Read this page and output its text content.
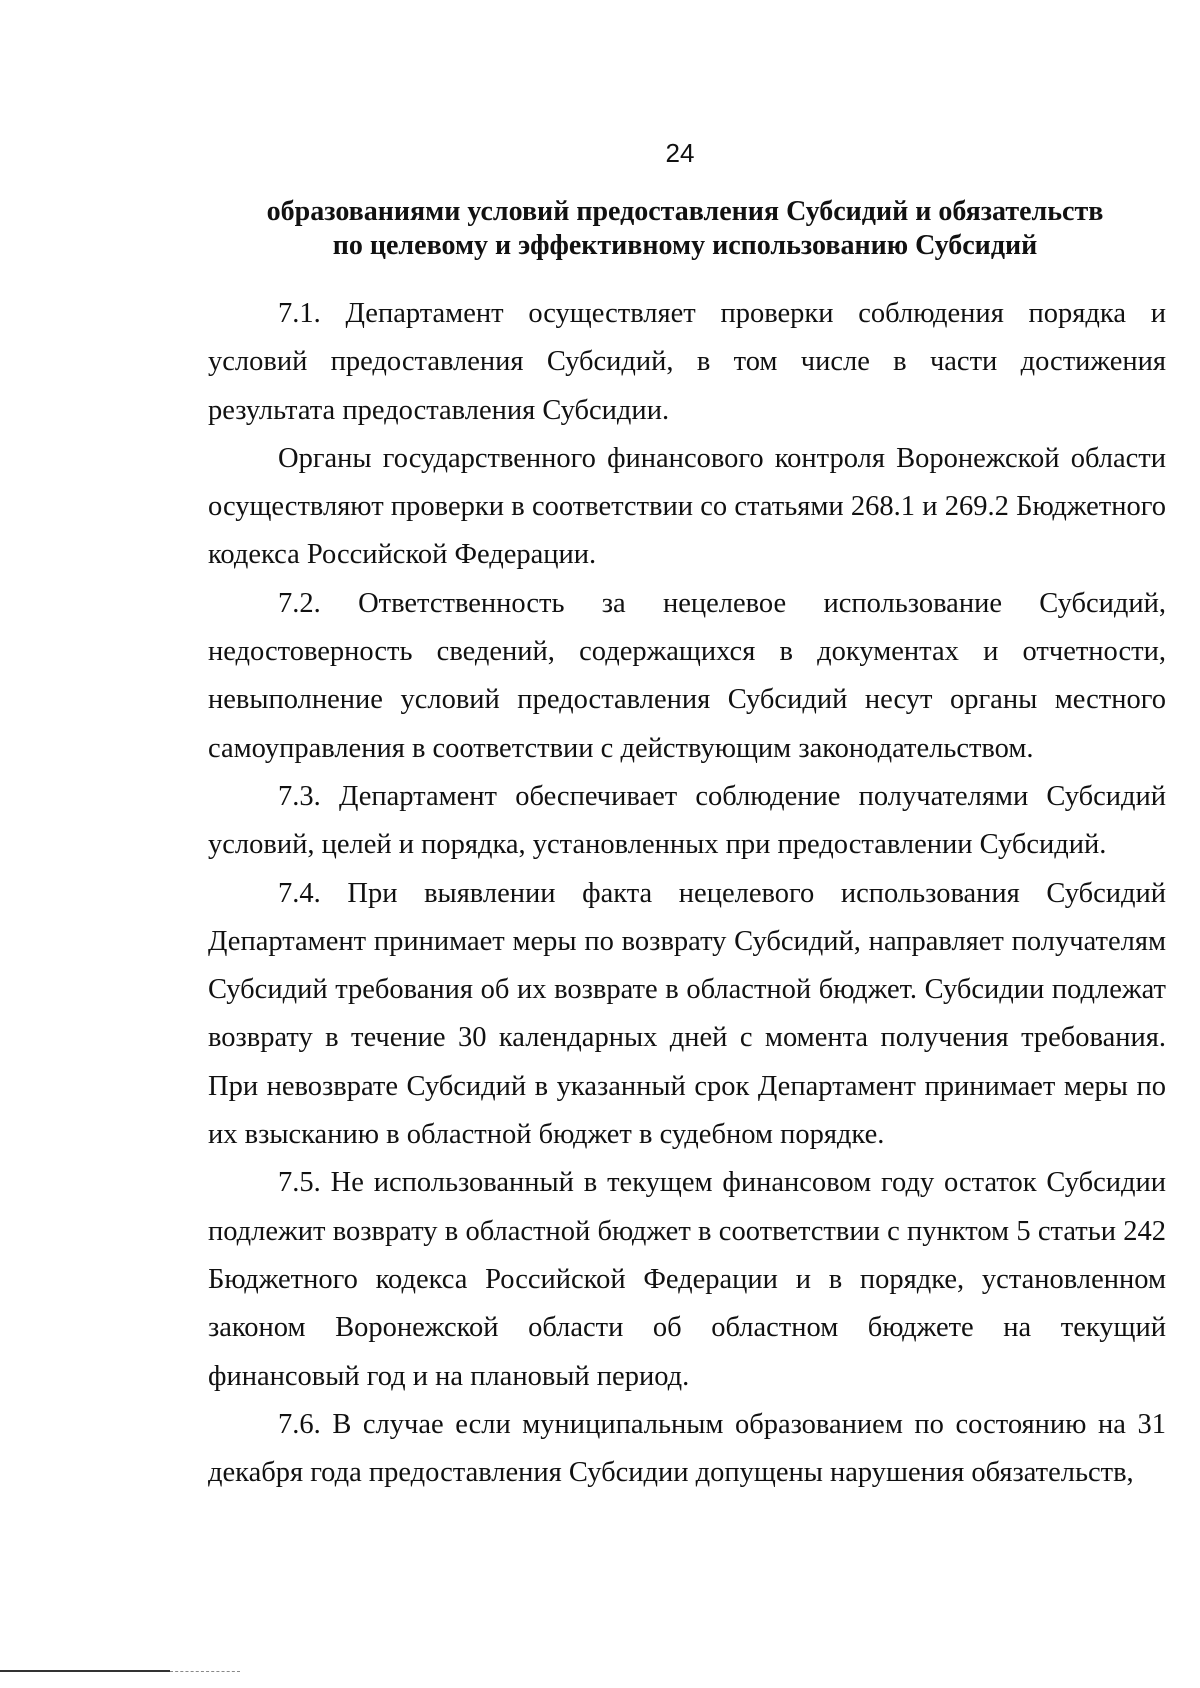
24
образованиями условий предоставления Субсидий и обязательств
по целевому и эффективному использованию Субсидий

7.1. Департамент осуществляет проверки соблюдения порядка и условий предоставления Субсидий, в том числе в части достижения результата предоставления Субсидии.

Органы государственного финансового контроля Воронежской области осуществляют проверки в соответствии со статьями 268.1 и 269.2 Бюджетного кодекса Российской Федерации.

7.2. Ответственность за нецелевое использование Субсидий, недостоверность сведений, содержащихся в документах и отчетности, невыполнение условий предоставления Субсидий несут органы местного самоуправления в соответствии с действующим законодательством.

7.3. Департамент обеспечивает соблюдение получателями Субсидий условий, целей и порядка, установленных при предоставлении Субсидий.

7.4. При выявлении факта нецелевого использования Субсидий Департамент принимает меры по возврату Субсидий, направляет получателям Субсидий требования об их возврате в областной бюджет. Субсидии подлежат возврату в течение 30 календарных дней с момента получения требования. При невозврате Субсидий в указанный срок Департамент принимает меры по их взысканию в областной бюджет в судебном порядке.

7.5. Не использованный в текущем финансовом году остаток Субсидии подлежит возврату в областной бюджет в соответствии с пунктом 5 статьи 242 Бюджетного кодекса Российской Федерации и в порядке, установленном законом Воронежской области об областном бюджете на текущий финансовый год и на плановый период.

7.6. В случае если муниципальным образованием по состоянию на 31 декабря года предоставления Субсидии допущены нарушения обязательств,
